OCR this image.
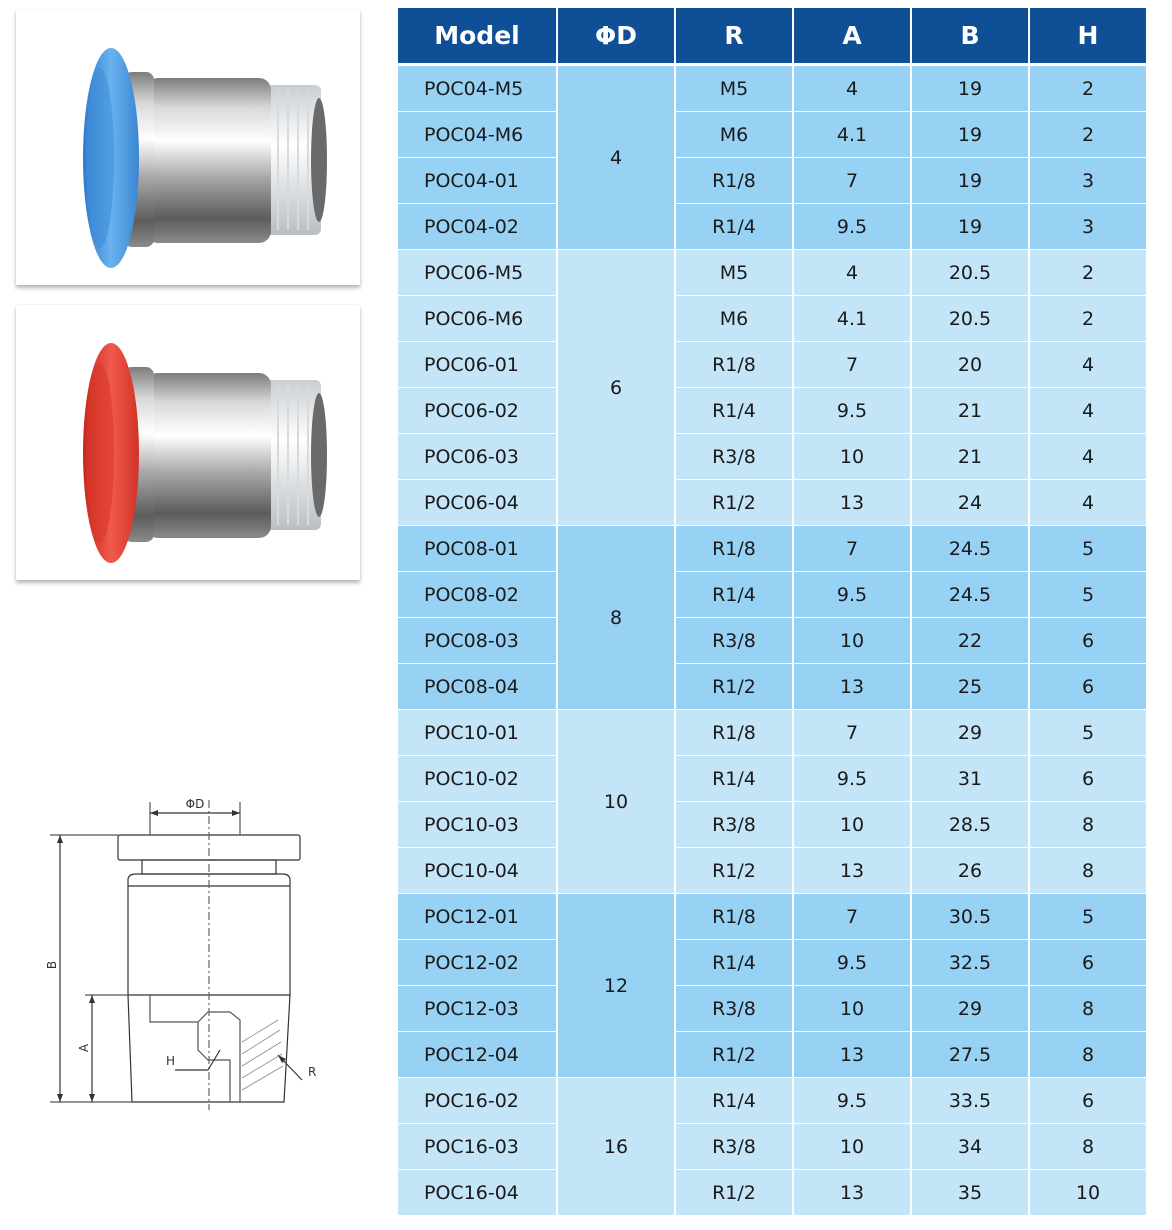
ΦD
B
A
H
R
Model	ΦD	R	A	B	H
POC04-M5	4	M5	4	19	2
POC04-M6		M6	4.1	19	2
POC04-01		R1/8	7	19	3
POC04-02		R1/4	9.5	19	3
POC06-M5	6	M5	4	20.5	2
POC06-M6		M6	4.1	20.5	2
POC06-01		R1/8	7	20	4
POC06-02		R1/4	9.5	21	4
POC06-03		R3/8	10	21	4
POC06-04		R1/2	13	24	4
POC08-01	8	R1/8	7	24.5	5
POC08-02		R1/4	9.5	24.5	5
POC08-03		R3/8	10	22	6
POC08-04		R1/2	13	25	6
POC10-01	10	R1/8	7	29	5
POC10-02		R1/4	9.5	31	6
POC10-03		R3/8	10	28.5	8
POC10-04		R1/2	13	26	8
POC12-01	12	R1/8	7	30.5	5
POC12-02		R1/4	9.5	32.5	6
POC12-03		R3/8	10	29	8
POC12-04		R1/2	13	27.5	8
POC16-02	16	R1/4	9.5	33.5	6
POC16-03		R3/8	10	34	8
POC16-04		R1/2	13	35	10
